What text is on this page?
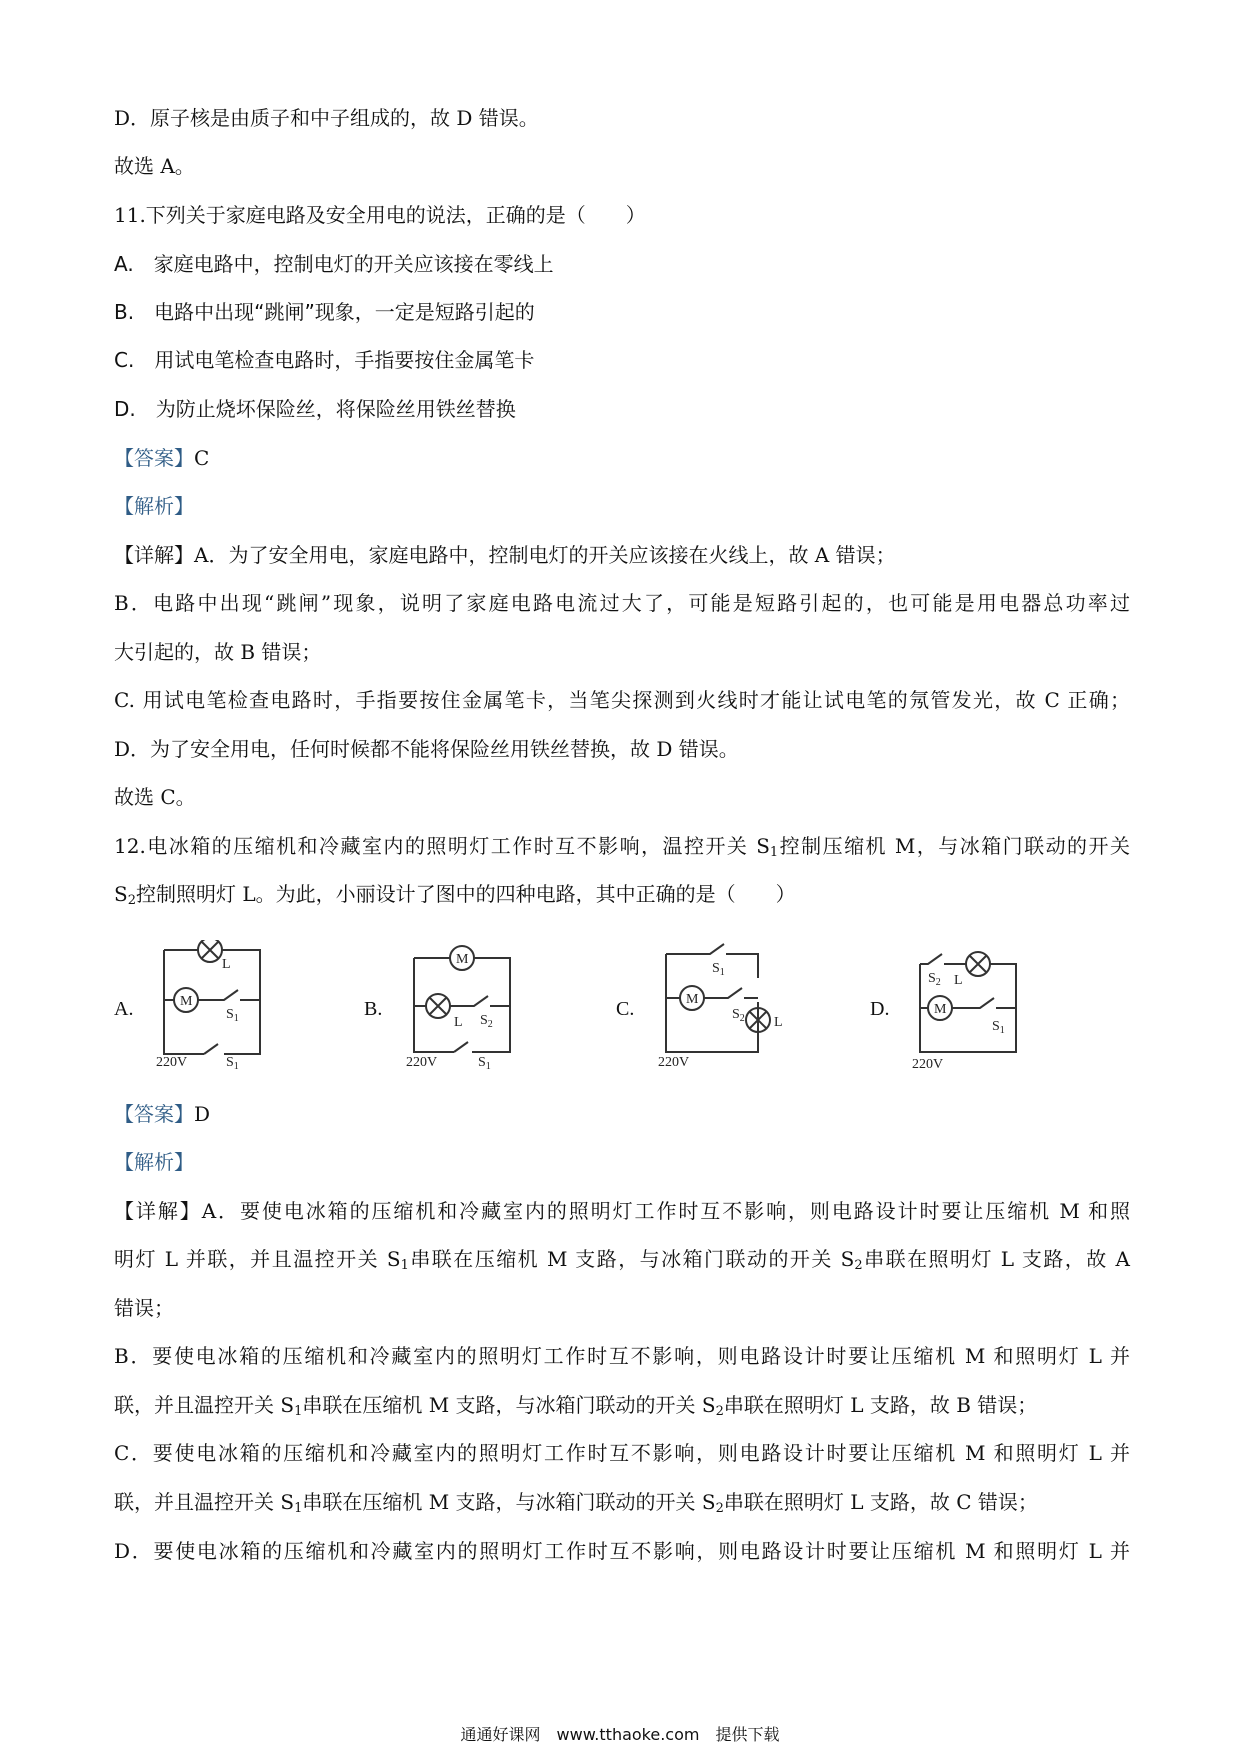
D．原子核是由质子和中子组成的，故 D 错误。
故选 A。
11.下列关于家庭电路及安全用电的说法，正确的是（　　）
A.　家庭电路中，控制电灯的开关应该接在零线上
B.　电路中出现“跳闸”现象，一定是短路引起的
C.　用试电笔检查电路时，手指要按住金属笔卡
D.　为防止烧坏保险丝，将保险丝用铁丝替换
【答案】C
【解析】
【详解】A．为了安全用电，家庭电路中，控制电灯的开关应该接在火线上，故 A 错误；
B．电路中出现“跳闸”现象，说明了家庭电路电流过大了，可能是短路引起的，也可能是用电器总功率过
大引起的，故 B 错误；
C. 用试电笔检查电路时，手指要按住金属笔卡，当笔尖探测到火线时才能让试电笔的氖管发光，故 C 正确；
D．为了安全用电，任何时候都不能将保险丝用铁丝替换，故 D 错误。
故选 C。
12.电冰箱的压缩机和冷藏室内的照明灯工作时互不影响，温控开关 $S_1$控制压缩机 M，与冰箱门联动的开关
$S_2$控制照明灯 L。为此，小丽设计了图中的四种电路，其中正确的是（　　）
A.	B.	C.	D.
L
M
$S_1$
220V	$S_1$
M
L $S_2$
220V	$S_1$
$S_1$
M
$S_2$ L
220V
$S_2$ L
M
$S_1$
220V
【答案】D
【解析】
【详解】A．要使电冰箱的压缩机和冷藏室内的照明灯工作时互不影响，则电路设计时要让压缩机 M 和照
明灯 L 并联，并且温控开关 $S_1$串联在压缩机 M 支路，与冰箱门联动的开关 $S_2$串联在照明灯 L 支路，故 A
错误；
B．要使电冰箱的压缩机和冷藏室内的照明灯工作时互不影响，则电路设计时要让压缩机 M 和照明灯 L 并
联，并且温控开关 $S_1$串联在压缩机 M 支路，与冰箱门联动的开关 $S_2$串联在照明灯 L 支路，故 B 错误；
C．要使电冰箱的压缩机和冷藏室内的照明灯工作时互不影响，则电路设计时要让压缩机 M 和照明灯 L 并
联，并且温控开关 $S_1$串联在压缩机 M 支路，与冰箱门联动的开关 $S_2$串联在照明灯 L 支路，故 C 错误；
D．要使电冰箱的压缩机和冷藏室内的照明灯工作时互不影响，则电路设计时要让压缩机 M 和照明灯 L 并
通通好课网　www.tthaoke.com　提供下载
